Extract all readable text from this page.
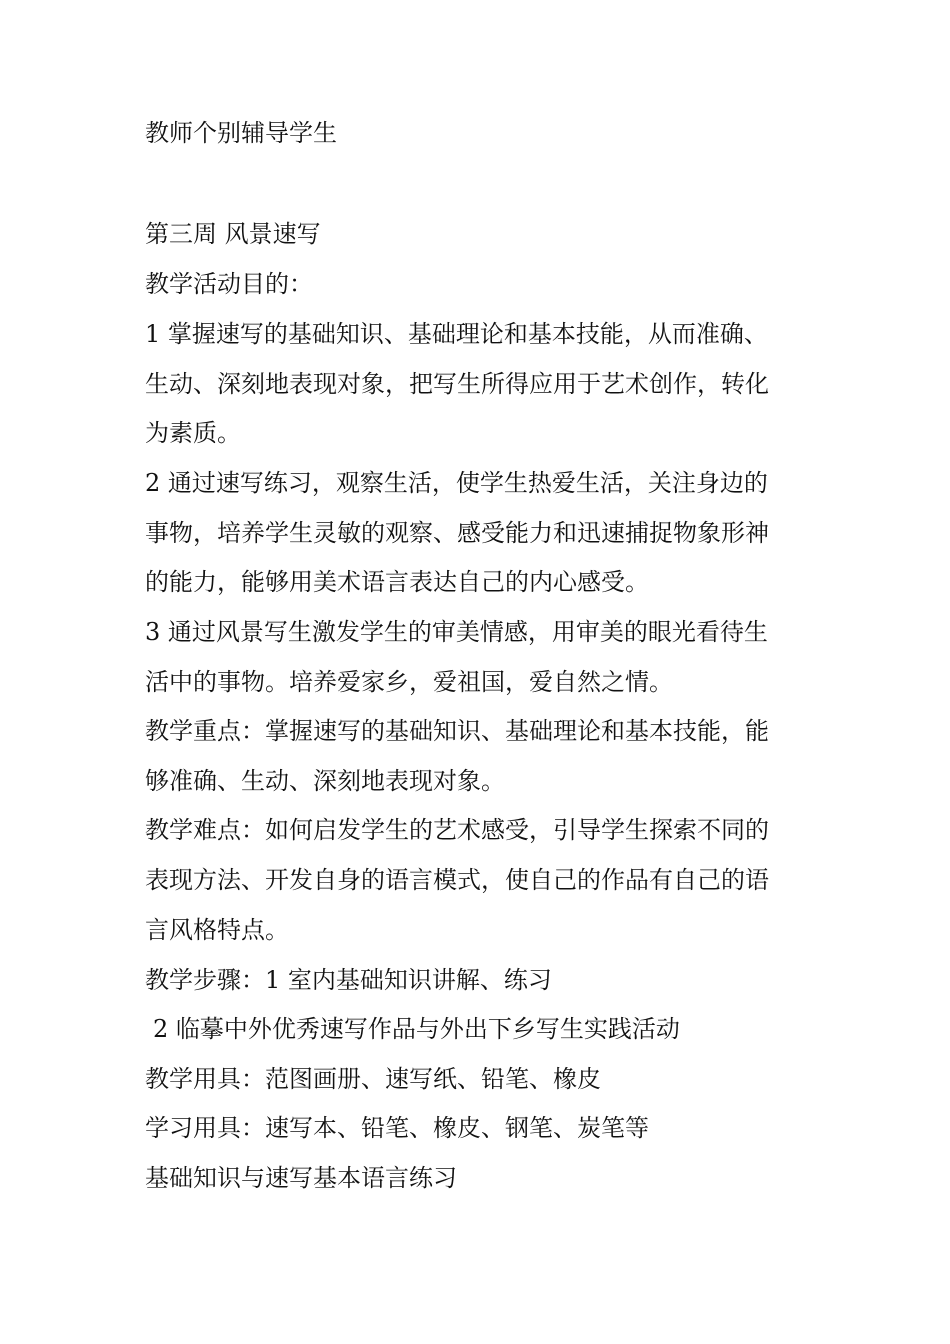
教师个别辅导学生
第三周 风景速写
教学活动目的：
1 掌握速写的基础知识、基础理论和基本技能，从而准确、
生动、深刻地表现对象，把写生所得应用于艺术创作，转化
为素质。
2 通过速写练习，观察生活，使学生热爱生活，关注身边的
事物，培养学生灵敏的观察、感受能力和迅速捕捉物象形神
的能力，能够用美术语言表达自己的内心感受。
3 通过风景写生激发学生的审美情感，用审美的眼光看待生
活中的事物。培养爱家乡，爱祖国，爱自然之情。
教学重点：掌握速写的基础知识、基础理论和基本技能，能
够准确、生动、深刻地表现对象。
教学难点：如何启发学生的艺术感受，引导学生探索不同的
表现方法、开发自身的语言模式，使自己的作品有自己的语
言风格特点。
教学步骤：1 室内基础知识讲解、练习
2 临摹中外优秀速写作品与外出下乡写生实践活动
教学用具：范图画册、速写纸、铅笔、橡皮
学习用具：速写本、铅笔、橡皮、钢笔、炭笔等
基础知识与速写基本语言练习
